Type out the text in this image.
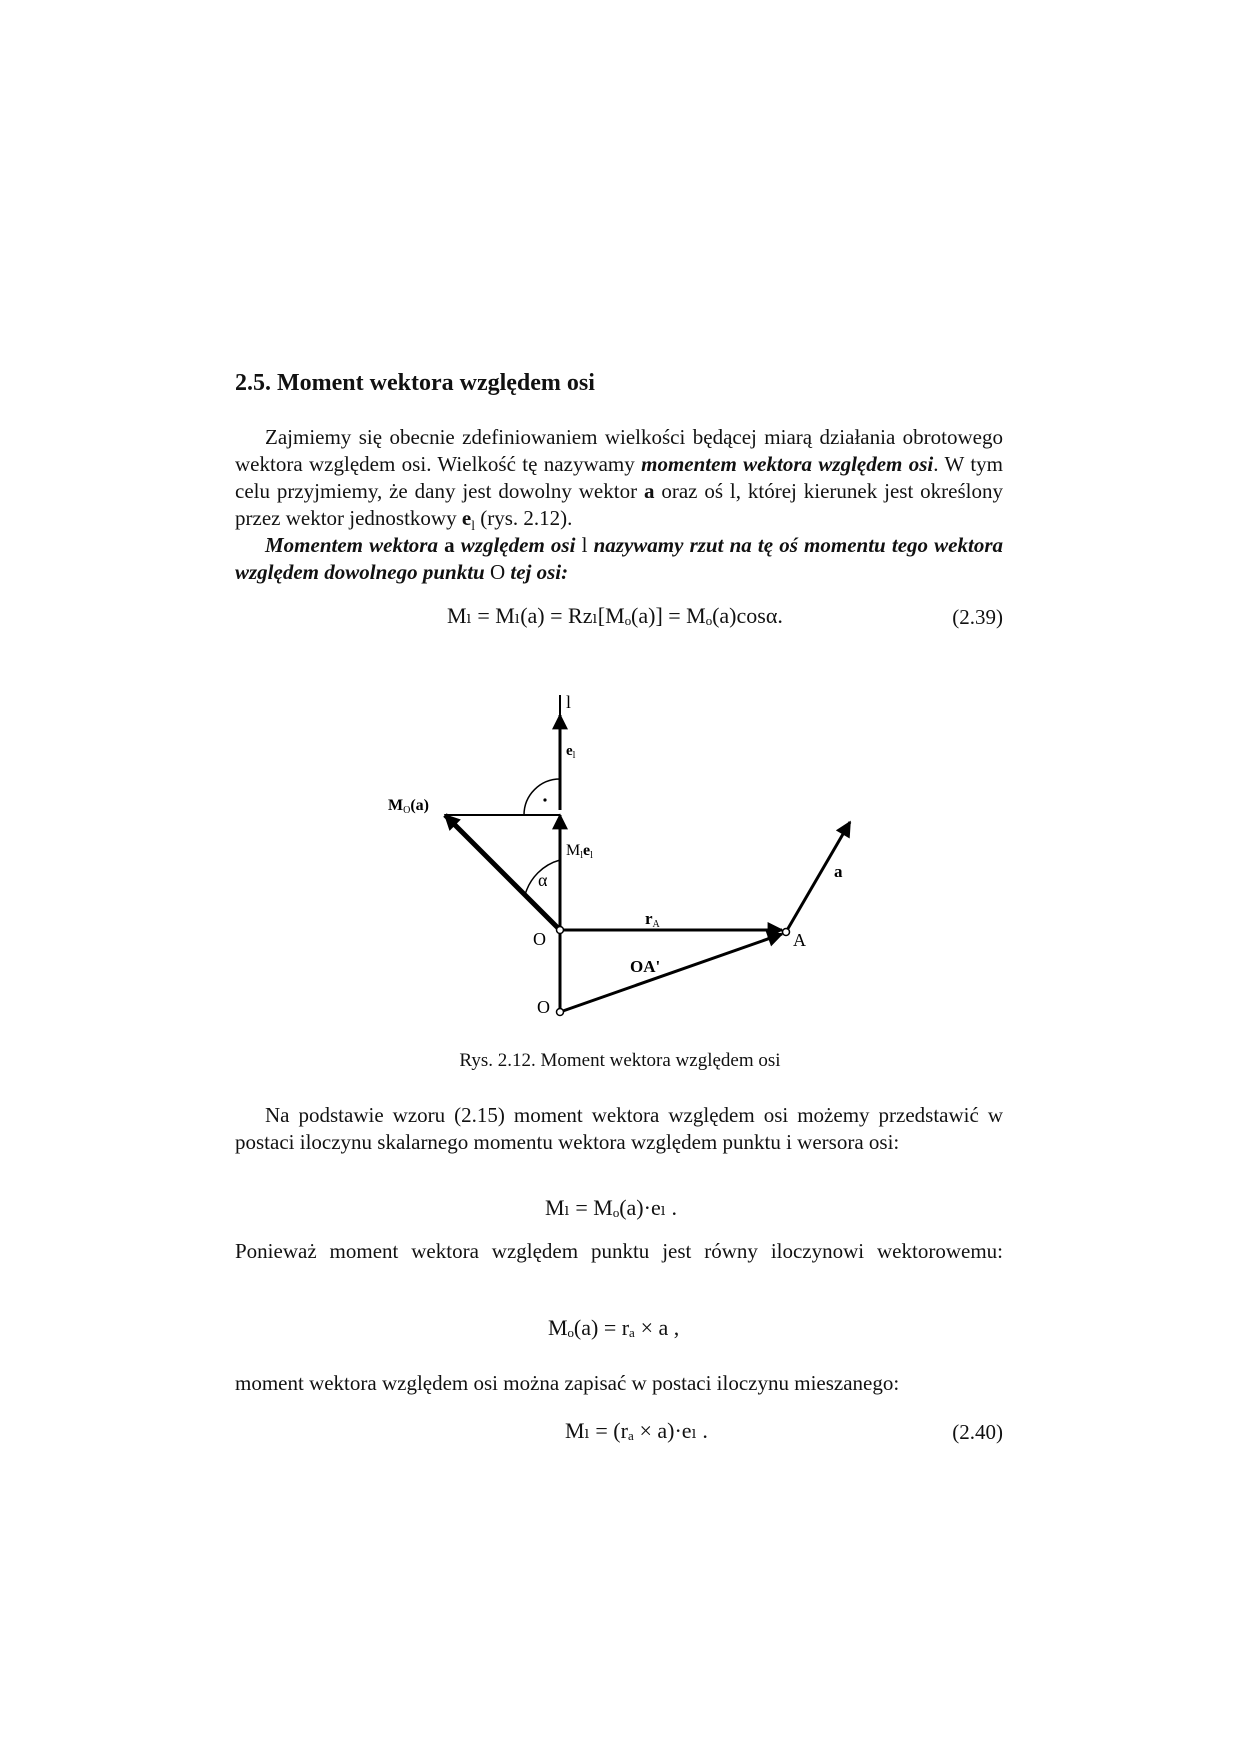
2.5. Moment wektora względem osi

Zajmiemy się obecnie zdefiniowaniem wielkości będącej miarą działania obrotowego wektora względem osi. Wielkość tę nazywamy momentem wektora względem osi. W tym celu przyjmiemy, że dany jest dowolny wektor a oraz oś l, której kierunek jest określony przez wektor jednostkowy $e_l$ (rys. 2.12).

Momentem wektora a względem osi l nazywamy rzut na tę oś momentu tego wektora względem dowolnego punktu O tej osi:

Mₗ = Mₗ(a) = Rzₗ[Mₒ(a)] = Mₒ(a)cosα.	(2.39)
l
$e_l$
MO(a)
Mlel
α
rA
O
O
A
OA'
a
Rys. 2.12. Moment wektora względem osi

Na podstawie wzoru (2.15) moment wektora względem osi możemy przedstawić w postaci iloczynu skalarnego momentu wektora względem punktu i wersora osi:

Mₗ = Mₒ(a)·eₗ .

Ponieważ moment wektora względem punktu jest równy iloczynowi wektorowemu:

Mₒ(a) = rₐ × a ,

moment wektora względem osi można zapisać w postaci iloczynu mieszanego:

Mₗ = (rₐ × a)·eₗ .	(2.40)
